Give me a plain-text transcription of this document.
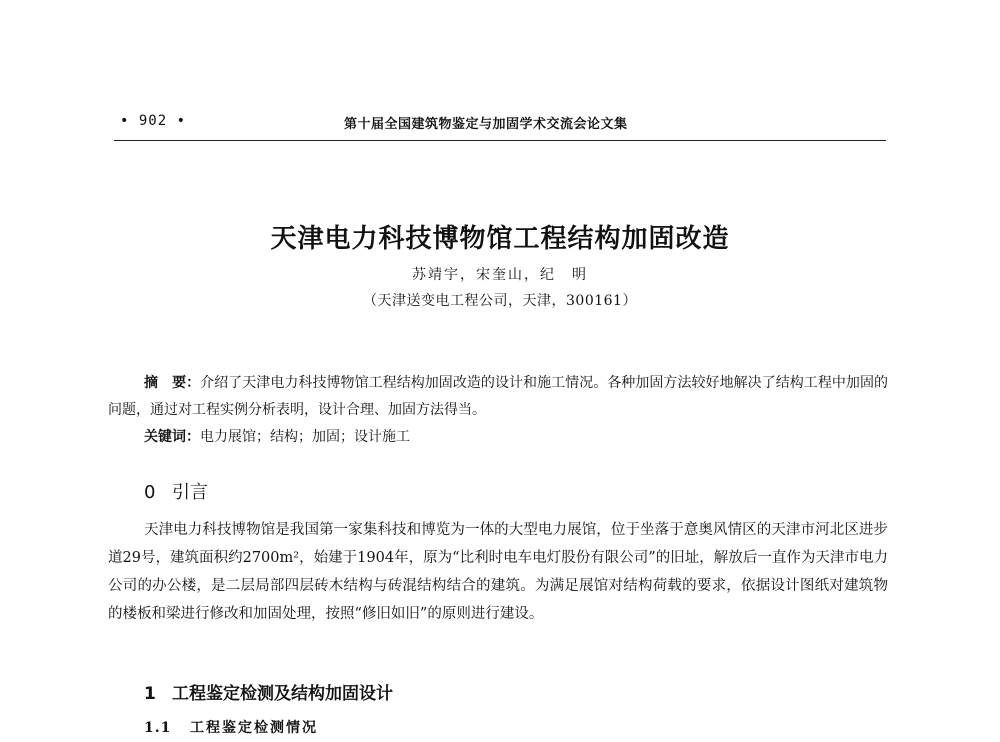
• 902 •	第十届全国建筑物鉴定与加固学术交流会论文集
天津电力科技博物馆工程结构加固改造
苏靖宇，宋奎山，纪　明
（天津送变电工程公司，天津，300161）
摘　要：介绍了天津电力科技博物馆工程结构加固改造的设计和施工情况。各种加固方法较好地解决了结构工程中加固的问题，通过对工程实例分析表明，设计合理、加固方法得当。
关键词：电力展馆；结构；加固；设计施工
0 引言
天津电力科技博物馆是我国第一家集科技和博览为一体的大型电力展馆，位于坐落于意奥风情区的天津市河北区进步道29号，建筑面积约2700m²，始建于1904年，原为“比利时电车电灯股份有限公司”的旧址，解放后一直作为天津市电力公司的办公楼，是二层局部四层砖木结构与砖混结构结合的建筑。为满足展馆对结构荷载的要求，依据设计图纸对建筑物的楼板和梁进行修改和加固处理，按照“修旧如旧”的原则进行建设。
1 工程鉴定检测及结构加固设计
1.1 工程鉴定检测情况
